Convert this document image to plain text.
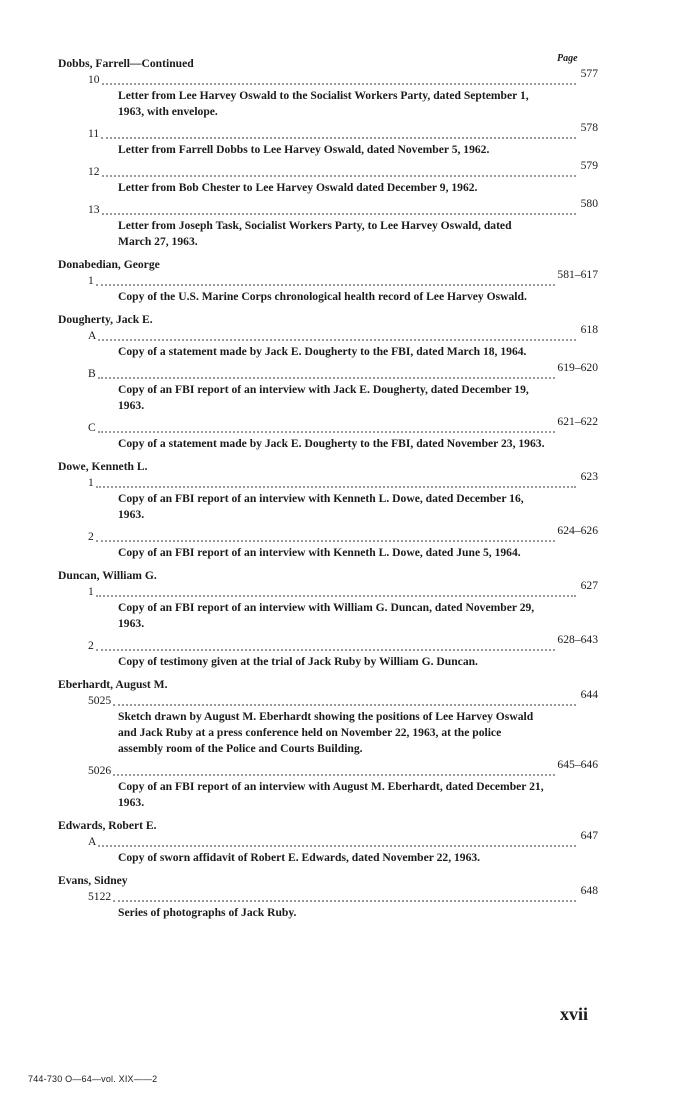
Page
Dobbs, Farrell—Continued
10	577
Letter from Lee Harvey Oswald to the Socialist Workers Party, dated September 1, 1963, with envelope.
11	578
Letter from Farrell Dobbs to Lee Harvey Oswald, dated November 5, 1962.
12	579
Letter from Bob Chester to Lee Harvey Oswald dated December 9, 1962.
13	580
Letter from Joseph Task, Socialist Workers Party, to Lee Harvey Oswald, dated March 27, 1963.
Donabedian, George
1	581–617
Copy of the U.S. Marine Corps chronological health record of Lee Harvey Oswald.
Dougherty, Jack E.
A	618
Copy of a statement made by Jack E. Dougherty to the FBI, dated March 18, 1964.
B	619–620
Copy of an FBI report of an interview with Jack E. Dougherty, dated December 19, 1963.
C	621–622
Copy of a statement made by Jack E. Dougherty to the FBI, dated November 23, 1963.
Dowe, Kenneth L.
1	623
Copy of an FBI report of an interview with Kenneth L. Dowe, dated December 16, 1963.
2	624–626
Copy of an FBI report of an interview with Kenneth L. Dowe, dated June 5, 1964.
Duncan, William G.
1	627
Copy of an FBI report of an interview with William G. Duncan, dated November 29, 1963.
2	628–643
Copy of testimony given at the trial of Jack Ruby by William G. Duncan.
Eberhardt, August M.
5025	644
Sketch drawn by August M. Eberhardt showing the positions of Lee Harvey Oswald and Jack Ruby at a press conference held on November 22, 1963, at the police assembly room of the Police and Courts Building.
5026	645–646
Copy of an FBI report of an interview with August M. Eberhardt, dated December 21, 1963.
Edwards, Robert E.
A	647
Copy of sworn affidavit of Robert E. Edwards, dated November 22, 1963.
Evans, Sidney
5122	648
Series of photographs of Jack Ruby.
xvii
744-730 O—64—vol. XIX——2
